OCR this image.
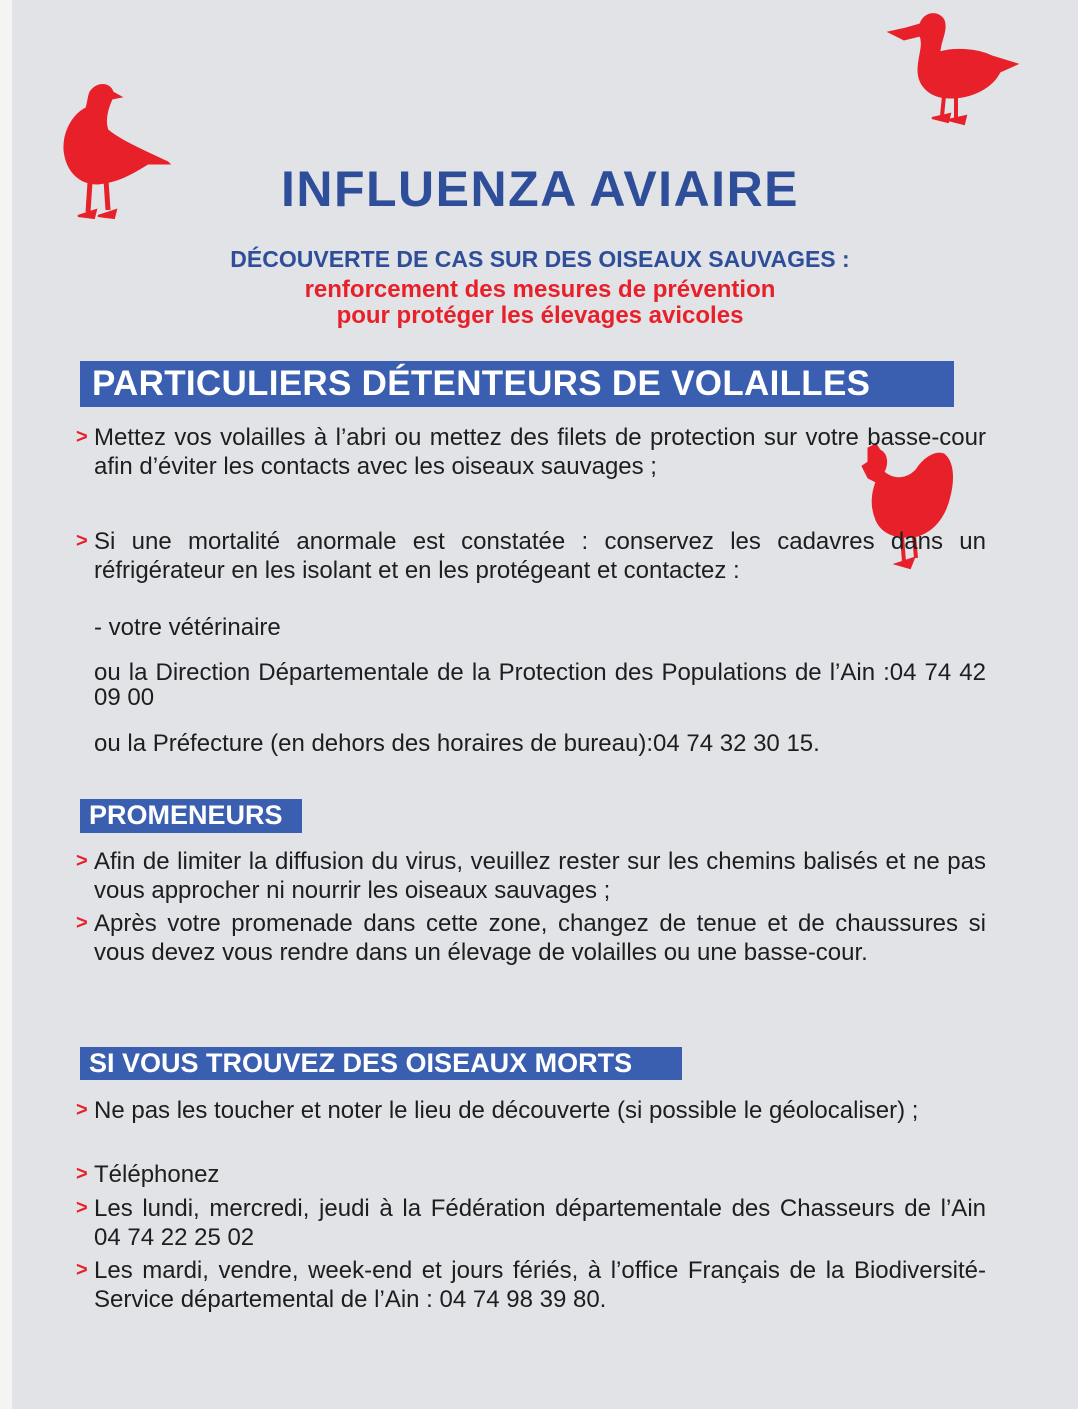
INFLUENZA AVIAIRE

DÉCOUVERTE DE CAS SUR DES OISEAUX SAUVAGES :

renforcement des mesures de prévention

pour protéger les élevages avicoles

PARTICULIERS DÉTENTEURS DE VOLAILLES
> Mettez vos volailles à l’abri ou mettez des filets de protection sur votre basse-cour afin d’éviter les contacts avec les oiseaux sauvages ;
> Si une mortalité anormale est constatée : conservez les cadavres dans un réfrigérateur en les isolant et en les protégeant et contactez :
- votre vétérinaire
ou la Direction Départementale de la Protection des Populations de l’Ain :04 74 42 09 00
ou la Préfecture (en dehors des horaires de bureau):04 74 32 30 15.
PROMENEURS
> Afin de limiter la diffusion du virus, veuillez rester sur les chemins balisés et ne pas vous approcher ni nourrir les oiseaux sauvages ;
> Après votre promenade dans cette zone, changez de tenue et de chaussures si vous devez vous rendre dans un élevage de volailles ou une basse-cour.
SI VOUS TROUVEZ DES OISEAUX MORTS
> Ne pas les toucher et noter le lieu de découverte (si possible le géolocaliser) ;
> Téléphonez
> Les lundi, mercredi, jeudi à la Fédération départementale des Chasseurs de l’Ain 04 74 22 25 02
> Les mardi, vendre, week-end et jours fériés, à l’office Français de la Biodiversité-Service départemental de l’Ain : 04 74 98 39 80.
